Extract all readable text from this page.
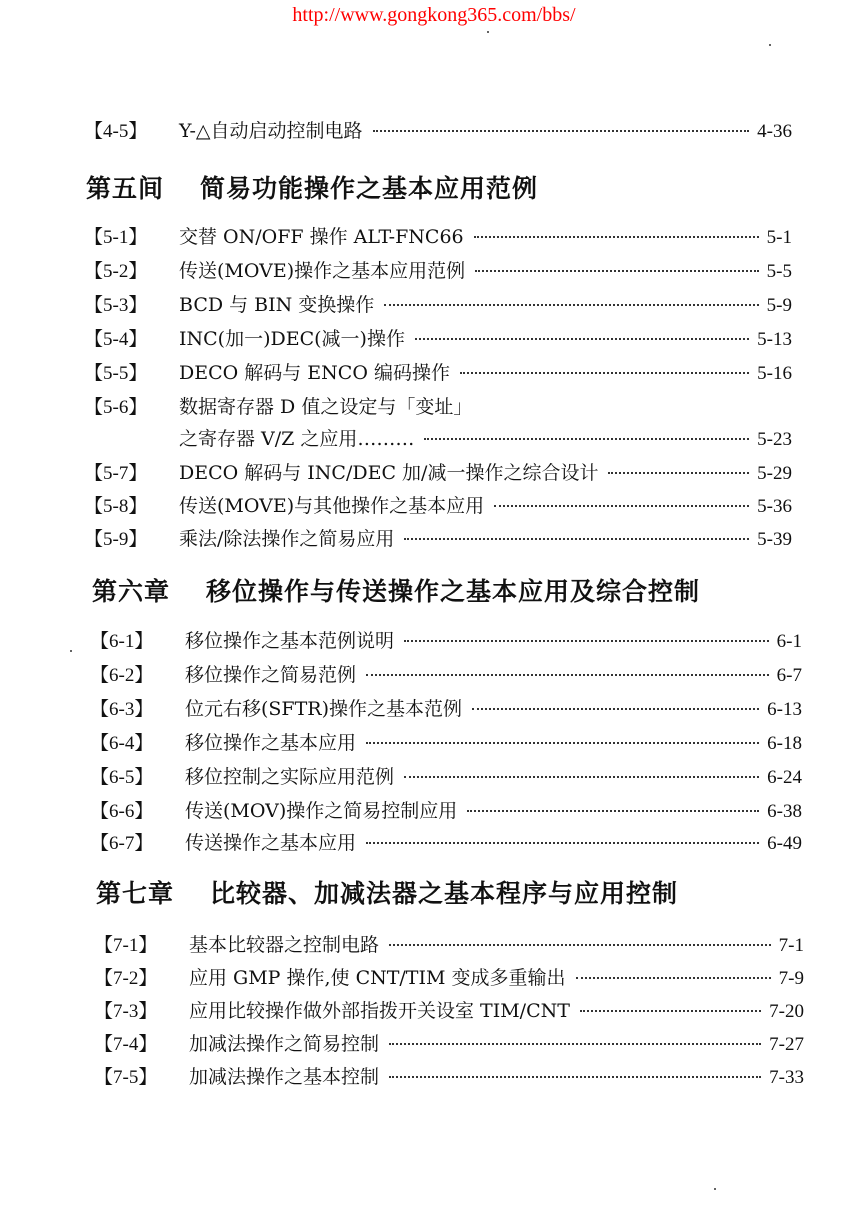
http://www.gongkong365.com/bbs/
【4-5】	Y-△自动启动控制电路	4-36
第五间 简易功能操作之基本应用范例
【5-1】	交替 ON/OFF 操作 ALT-FNC66	5-1
【5-2】	传送(MOVE)操作之基本应用范例	5-5
【5-3】	BCD 与 BIN 变换操作	5-9
【5-4】	INC(加一)DEC(减一)操作	5-13
【5-5】	DECO 解码与 ENCO 编码操作	5-16
【5-6】	数据寄存器 D 值之设定与「变址」
之寄存器 V/Z 之应用………	5-23
【5-7】	DECO 解码与 INC/DEC 加/减一操作之综合设计	5-29
【5-8】	传送(MOVE)与其他操作之基本应用	5-36
【5-9】	乘法/除法操作之简易应用	5-39
第六章 移位操作与传送操作之基本应用及综合控制
【6-1】	移位操作之基本范例说明	6-1
【6-2】	移位操作之简易范例	6-7
【6-3】	位元右移(SFTR)操作之基本范例	6-13
【6-4】	移位操作之基本应用	6-18
【6-5】	移位控制之实际应用范例	6-24
【6-6】	传送(MOV)操作之简易控制应用	6-38
【6-7】	传送操作之基本应用	6-49
第七章 比较器、加减法器之基本程序与应用控制
【7-1】	基本比较器之控制电路	7-1
【7-2】	应用 GMP 操作,使 CNT/TIM 变成多重输出	7-9
【7-3】	应用比较操作做外部指拨开关设室 TIM/CNT	7-20
【7-4】	加减法操作之简易控制	7-27
【7-5】	加减法操作之基本控制	7-33
